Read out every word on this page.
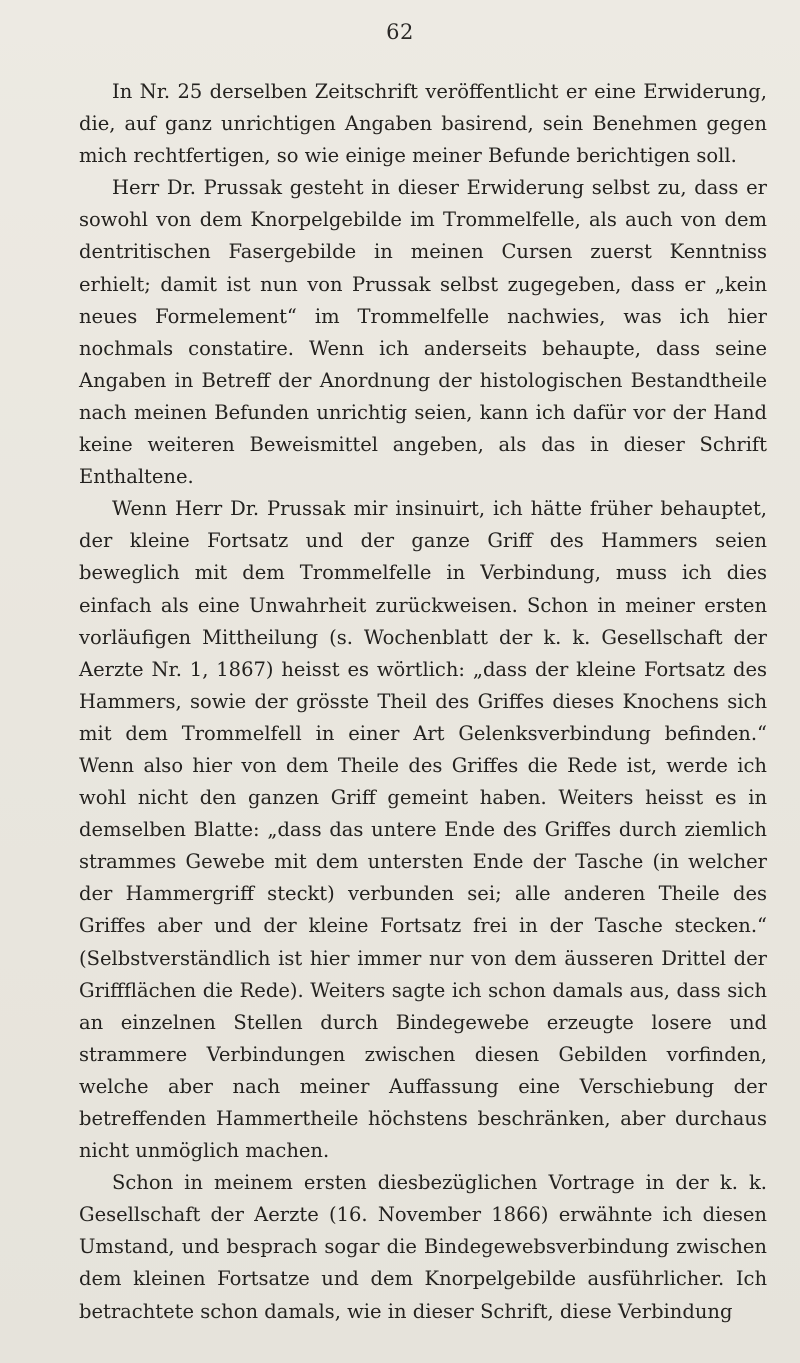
62

In Nr. 25 derselben Zeitschrift veröffentlicht er eine Erwiderung, die, auf ganz unrichtigen Angaben basirend, sein Benehmen gegen mich rechtfertigen, so wie einige meiner Befunde berichtigen soll.

Herr Dr. Prussak gesteht in dieser Erwiderung selbst zu, dass er sowohl von dem Knorpelgebilde im Trommelfelle, als auch von dem dentritischen Fasergebilde in meinen Cursen zuerst Kenntniss erhielt; damit ist nun von Prussak selbst zugegeben, dass er „kein neues Formelement“ im Trommelfelle nachwies, was ich hier nochmals constatire. Wenn ich anderseits behaupte, dass seine Angaben in Betreff der Anordnung der histologischen Bestandtheile nach meinen Befunden unrichtig seien, kann ich dafür vor der Hand keine weiteren Beweismittel angeben, als das in dieser Schrift Enthaltene.

Wenn Herr Dr. Prussak mir insinuirt, ich hätte früher behauptet, der kleine Fortsatz und der ganze Griff des Hammers seien beweglich mit dem Trommelfelle in Verbindung, muss ich dies einfach als eine Unwahrheit zurückweisen. Schon in meiner ersten vorläufigen Mittheilung (s. Wochenblatt der k. k. Gesellschaft der Aerzte Nr. 1, 1867) heisst es wörtlich: „dass der kleine Fortsatz des Hammers, sowie der grösste Theil des Griffes dieses Knochens sich mit dem Trommelfell in einer Art Gelenksverbindung befinden.“ Wenn also hier von dem Theile des Griffes die Rede ist, werde ich wohl nicht den ganzen Griff gemeint haben. Weiters heisst es in demselben Blatte: „dass das untere Ende des Griffes durch ziemlich strammes Gewebe mit dem untersten Ende der Tasche (in welcher der Hammergriff steckt) verbunden sei; alle anderen Theile des Griffes aber und der kleine Fortsatz frei in der Tasche stecken.“ (Selbstverständlich ist hier immer nur von dem äusseren Drittel der Griffflächen die Rede). Weiters sagte ich schon damals aus, dass sich an einzelnen Stellen durch Bindegewebe erzeugte losere und strammere Verbindungen zwischen diesen Gebilden vorfinden, welche aber nach meiner Auffassung eine Verschiebung der betreffenden Hammertheile höchstens beschränken, aber durchaus nicht unmöglich machen.

Schon in meinem ersten diesbezüglichen Vortrage in der k. k. Gesellschaft der Aerzte (16. November 1866) erwähnte ich diesen Umstand, und besprach sogar die Bindegewebsverbindung zwischen dem kleinen Fortsatze und dem Knorpelgebilde ausführlicher. Ich betrachtete schon damals, wie in dieser Schrift, diese Verbindung
